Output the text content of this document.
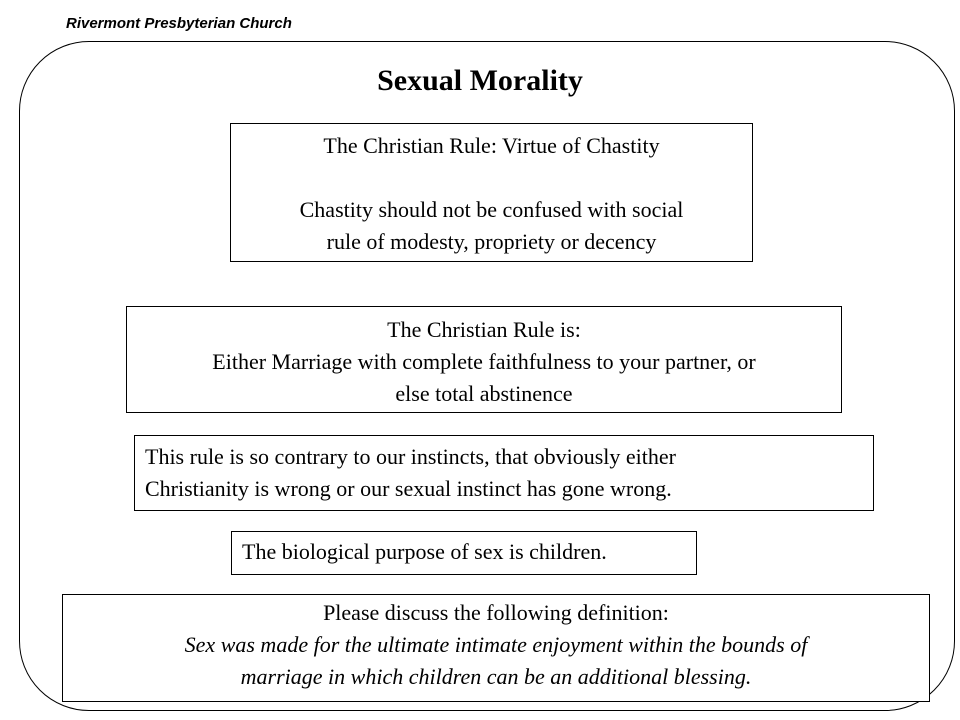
Rivermont Presbyterian Church
Sexual Morality

The Christian Rule: Virtue of Chastity

Chastity should not be confused with social

rule of modesty, propriety or decency

The Christian Rule is:

Either Marriage with complete faithfulness to your partner, or

else total abstinence

This rule is so contrary to our instincts, that obviously either

Christianity is wrong or our sexual instinct has gone wrong.

The biological purpose of sex is children.

Please discuss the following definition:

Sex was made for the ultimate intimate enjoyment within the bounds of

marriage in which children can be an additional blessing.
